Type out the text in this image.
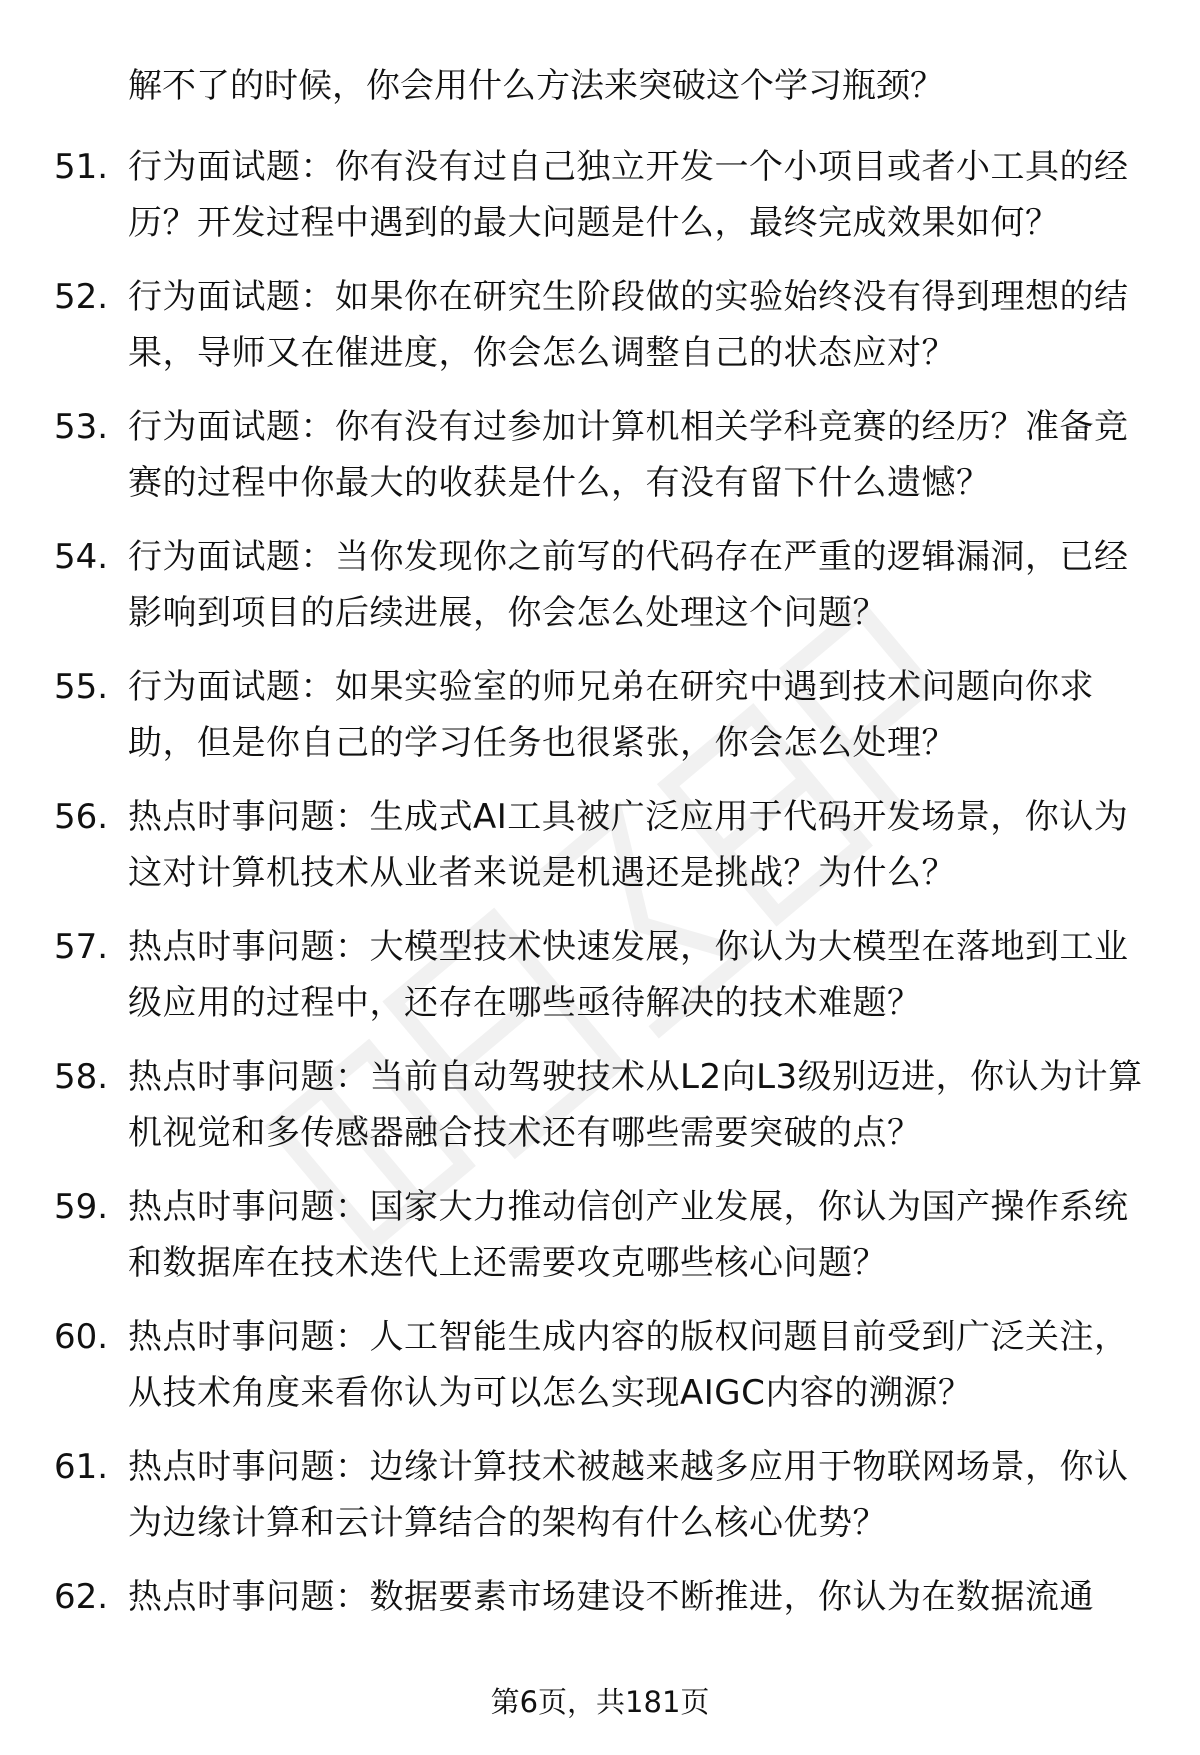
解不了的时候，你会用什么方法来突破这个学习瓶颈？
51. 行为面试题：你有没有过自己独立开发一个小项目或者小工具的经历？开发过程中遇到的最大问题是什么，最终完成效果如何？
52. 行为面试题：如果你在研究生阶段做的实验始终没有得到理想的结果，导师又在催进度，你会怎么调整自己的状态应对？
53. 行为面试题：你有没有过参加计算机相关学科竞赛的经历？准备竞赛的过程中你最大的收获是什么，有没有留下什么遗憾？
54. 行为面试题：当你发现你之前写的代码存在严重的逻辑漏洞，已经影响到项目的后续进展，你会怎么处理这个问题？
55. 行为面试题：如果实验室的师兄弟在研究中遇到技术问题向你求助，但是你自己的学习任务也很紧张，你会怎么处理？
56. 热点时事问题：生成式AI工具被广泛应用于代码开发场景，你认为这对计算机技术从业者来说是机遇还是挑战？为什么？
57. 热点时事问题：大模型技术快速发展，你认为大模型在落地到工业级应用的过程中，还存在哪些亟待解决的技术难题？
58. 热点时事问题：当前自动驾驶技术从L2向L3级别迈进，你认为计算机视觉和多传感器融合技术还有哪些需要突破的点？
59. 热点时事问题：国家大力推动信创产业发展，你认为国产操作系统和数据库在技术迭代上还需要攻克哪些核心问题？
60. 热点时事问题：人工智能生成内容的版权问题目前受到广泛关注，从技术角度来看你认为可以怎么实现AIGC内容的溯源？
61. 热点时事问题：边缘计算技术被越来越多应用于物联网场景，你认为边缘计算和云计算结合的架构有什么核心优势？
62. 热点时事问题：数据要素市场建设不断推进，你认为在数据流通
第6页，共181页
